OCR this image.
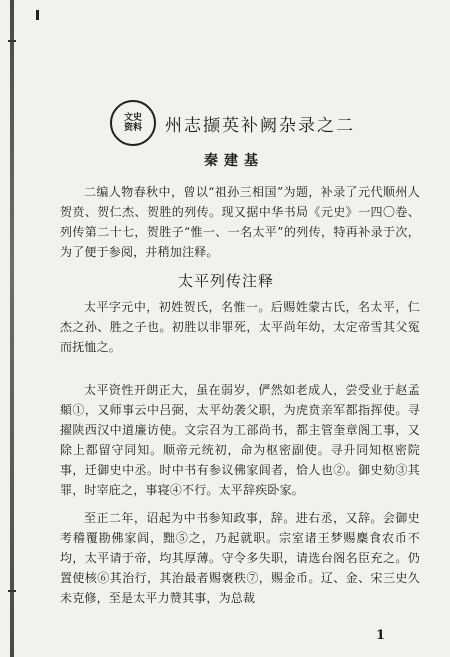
文史
资料 州志撷英补阙杂录之二
秦建基
二编人物春秋中，曾以“祖孙三相国”为题，补录了元代顺州人贺贲、贺仁杰、贺胜的列传。现又据中华书局《元史》一四〇卷、列传第二十七，贺胜子“惟一、一名太平”的列传，特再补录于次，为了便于参阅，并稍加注释。
太平列传注释
太平字元中，初姓贺氏，名惟一。后赐姓蒙古氏，名太平，仁杰之孙、胜之子也。初胜以非罪死，太平尚年幼，太定帝雪其父冤而抚恤之。
太平资性开朗正大，虽在弱岁，俨然如老成人，尝受业于赵孟頫①，又师事云中吕弼，太平幼袭父职，为虎贲亲军都指挥使。寻擢陕西汉中道廉访使。文宗召为工部尚书，都主管奎章阁工事，又除上都留守同知。顺帝元统初，命为枢密副使。寻升同知枢密院事，迁御史中丞。时中书有参议佛家闾者，恰人也②。御史劾③其罪，时宰庇之，事寝④不行。太平辞疾卧家。
至正二年，诏起为中书参知政事，辞。进右丞，又辞。会御史考稽覆勘佛家闾，黜⑤之，乃起就职。宗室诸王梦赐麇食农币不均，太平请于帝，均其厚薄。守令多失职，请选台阁名臣充之。仍置使核⑥其治行，其治最者赐褒秩⑦，赐金币。辽、金、宋三史久未克修，至是太平力赞其事，为总裁
1
